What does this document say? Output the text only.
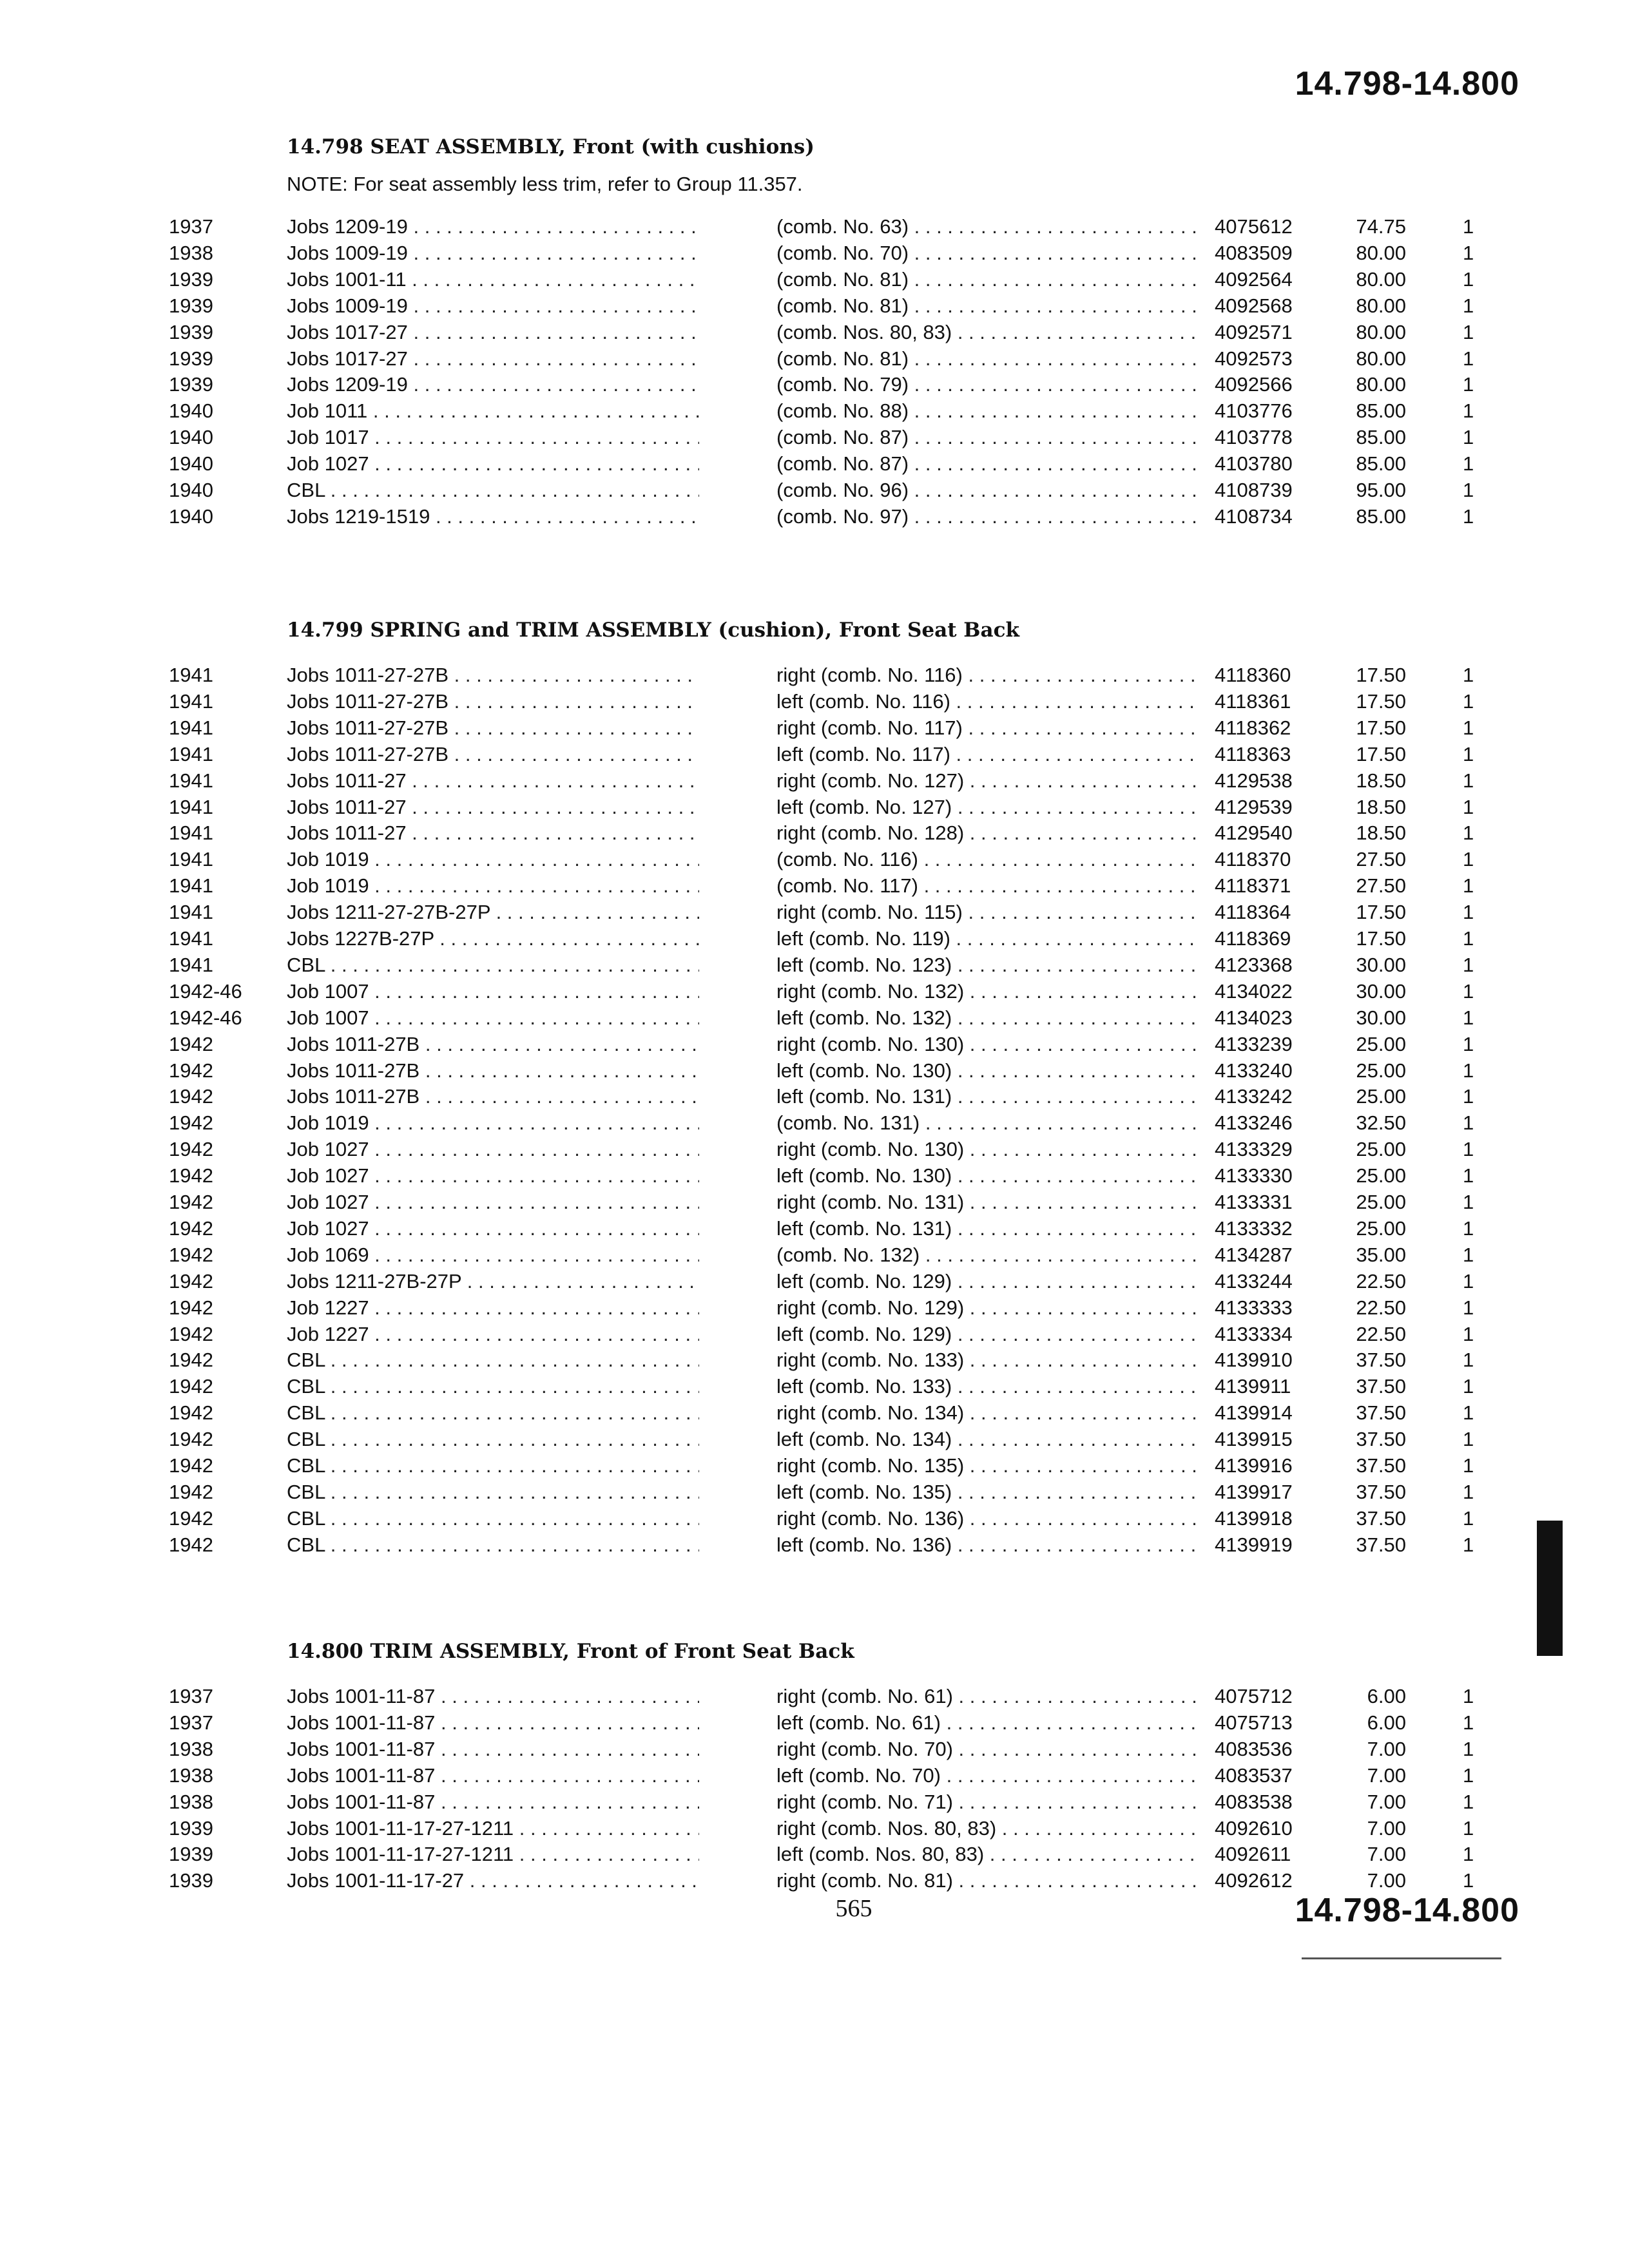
14.798-14.800
14.798 SEAT ASSEMBLY, Front (with cushions)
NOTE: For seat assembly less trim, refer to Group 11.357.
1937	Jobs 1209-19 . . .	(comb. No. 63) . . .	4075612	74.75	1
1938	Jobs 1009-19 . . .	(comb. No. 70) . . .	4083509	80.00	1
1939	Jobs 1001-11 . . .	(comb. No. 81) . . .	4092564	80.00	1
1939	Jobs 1009-19 . . .	(comb. No. 81) . . .	4092568	80.00	1
1939	Jobs 1017-27 . . .	(comb. Nos. 80, 83) . . .	4092571	80.00	1
1939	Jobs 1017-27 . . .	(comb. No. 81) . . .	4092573	80.00	1
1939	Jobs 1209-19 . . .	(comb. No. 79) . . .	4092566	80.00	1
1940	Job 1011 . . .	(comb. No. 88) . . .	4103776	85.00	1
1940	Job 1017 . . .	(comb. No. 87) . . .	4103778	85.00	1
1940	Job 1027 . . .	(comb. No. 87) . . .	4103780	85.00	1
1940	CBL . . .	(comb. No. 96) . . .	4108739	95.00	1
1940	Jobs 1219-1519 . . .	(comb. No. 97) . . .	4108734	85.00	1
14.799 SPRING and TRIM ASSEMBLY (cushion), Front Seat Back
1941	Jobs 1011-27-27B . . .	right (comb. No. 116) . . .	4118360	17.50	1
1941	Jobs 1011-27-27B . . .	left (comb. No. 116) . . .	4118361	17.50	1
1941	Jobs 1011-27-27B . . .	right (comb. No. 117) . . .	4118362	17.50	1
1941	Jobs 1011-27-27B . . .	left (comb. No. 117) . . .	4118363	17.50	1
1941	Jobs 1011-27 . . .	right (comb. No. 127) . . .	4129538	18.50	1
1941	Jobs 1011-27 . . .	left (comb. No. 127) . . .	4129539	18.50	1
1941	Jobs 1011-27 . . .	right (comb. No. 128) . . .	4129540	18.50	1
1941	Job 1019 . . .	(comb. No. 116) . . .	4118370	27.50	1
1941	Job 1019 . . .	(comb. No. 117) . . .	4118371	27.50	1
1941	Jobs 1211-27-27B-27P . . .	right (comb. No. 115) . . .	4118364	17.50	1
1941	Jobs 1227B-27P . . .	left (comb. No. 119) . . .	4118369	17.50	1
1941	CBL . . .	left (comb. No. 123) . . .	4123368	30.00	1
1942-46 Job 1007 . . .	right (comb. No. 132) . . .	4134022	30.00	1
1942-46 Job 1007 . . .	left (comb. No. 132) . . .	4134023	30.00	1
1942	Jobs 1011-27B . . .	right (comb. No. 130) . . .	4133239	25.00	1
1942	Jobs 1011-27B . . .	left (comb. No. 130) . . .	4133240	25.00	1
1942	Jobs 1011-27B . . .	left (comb. No. 131) . . .	4133242	25.00	1
1942	Job 1019 . . .	(comb. No. 131) . . .	4133246	32.50	1
1942	Job 1027 . . .	right (comb. No. 130) . . .	4133329	25.00	1
1942	Job 1027 . . .	left (comb. No. 130) . . .	4133330	25.00	1
1942	Job 1027 . . .	right (comb. No. 131) . . .	4133331	25.00	1
1942	Job 1027 . . .	left (comb. No. 131) . . .	4133332	25.00	1
1942	Job 1069 . . .	(comb. No. 132) . . .	4134287	35.00	1
1942	Jobs 1211-27B-27P . . .	left (comb. No. 129) . . .	4133244	22.50	1
1942	Job 1227 . . .	right (comb. No. 129) . . .	4133333	22.50	1
1942	Job 1227 . . .	left (comb. No. 129) . . .	4133334	22.50	1
1942	CBL . . .	right (comb. No. 133) . . .	4139910	37.50	1
1942	CBL . . .	left (comb. No. 133) . . .	4139911	37.50	1
1942	CBL . . .	right (comb. No. 134) . . .	4139914	37.50	1
1942	CBL . . .	left (comb. No. 134) . . .	4139915	37.50	1
1942	CBL . . .	right (comb. No. 135) . . .	4139916	37.50	1
1942	CBL . . .	left (comb. No. 135) . . .	4139917	37.50	1
1942	CBL . . .	right (comb. No. 136) . . .	4139918	37.50	1
1942	CBL . . .	left (comb. No. 136) . . .	4139919	37.50	1
14.800 TRIM ASSEMBLY, Front of Front Seat Back
1937	Jobs 1001-11-87 . . .	right (comb. No. 61) . . .	4075712	6.00	1
1937	Jobs 1001-11-87 . . .	left (comb. No. 61) . . .	4075713	6.00	1
1938	Jobs 1001-11-87 . . .	right (comb. No. 70) . . .	4083536	7.00	1
1938	Jobs 1001-11-87 . . .	left (comb. No. 70) . . .	4083537	7.00	1
1938	Jobs 1001-11-87 . . .	right (comb. No. 71) . . .	4083538	7.00	1
1939	Jobs 1001-11-17-27-1211 . . .	right (comb. Nos. 80, 83) . . .	4092610	7.00	1
1939	Jobs 1001-11-17-27-1211 . . .	left (comb. Nos. 80, 83) . . .	4092611	7.00	1
1939	Jobs 1001-11-17-27 . . .	right (comb. No. 81) . . .	4092612	7.00	1
565	14.798-14.800
